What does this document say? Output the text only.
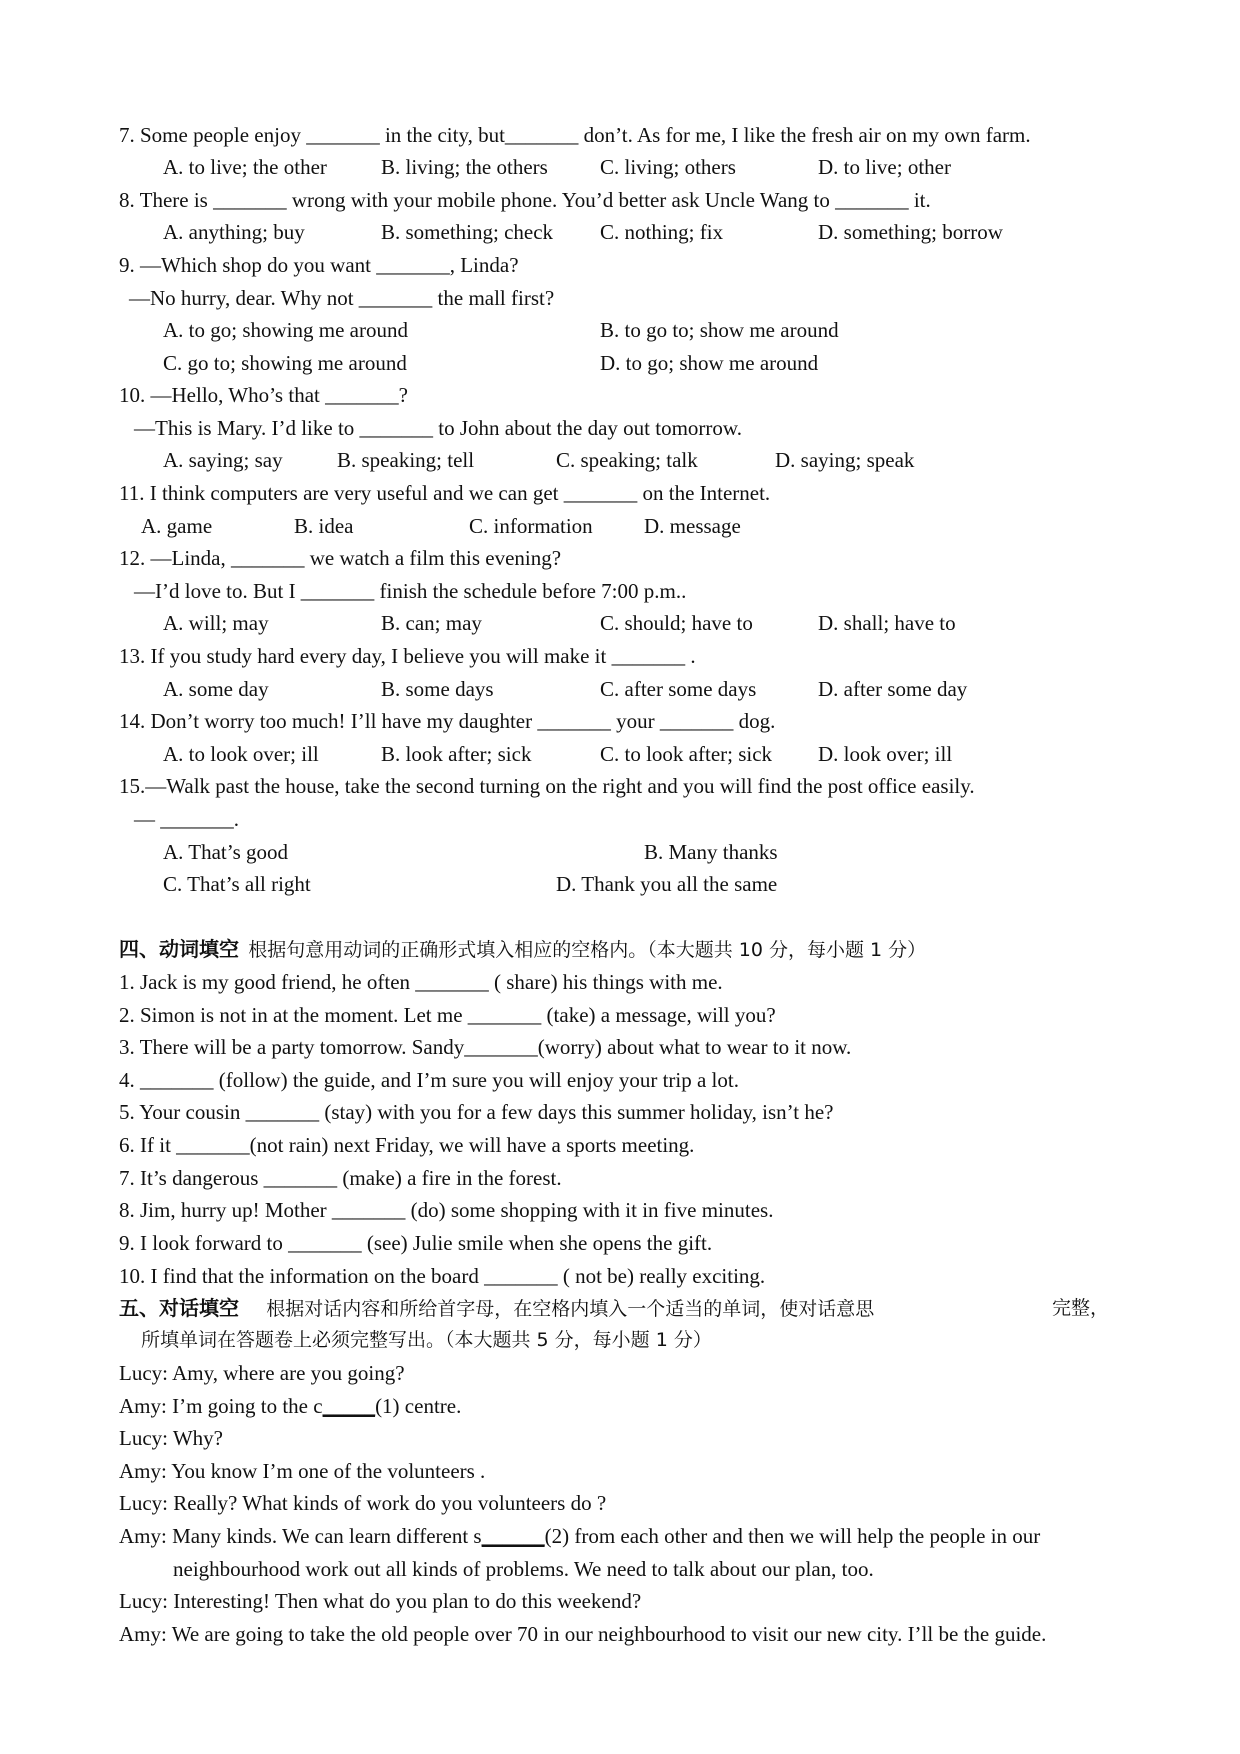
7. Some people enjoy _______ in the city, but_______ don’t. As for me, I like the fresh air on my own farm.
A. to live; the other	B. living; the others C. living; others	D. to live; other
8. There is _______ wrong with your mobile phone. You’d better ask Uncle Wang to _______ it.
A. anything; buy	B. something; check C. nothing; fix	D. something; borrow
9. —Which shop do you want _______, Linda?
—No hurry, dear. Why not _______ the mall first?
A. to go; showing me around	B. to go to; show me around
C. go to; showing me around	D. to go; show me around
10. —Hello, Who’s that _______?
—This is Mary. I’d like to _______ to John about the day out tomorrow.
A. saying; say	B. speaking; tell	C. speaking; talk	D. saying; speak
11. I think computers are very useful and we can get _______ on the Internet.
A. game	B. idea	C. information D. message
12. —Linda, _______ we watch a film this evening?
—I’d love to. But I _______ finish the schedule before 7:00 p.m..
A. will; may	B. can; may	C. should; have to	D. shall; have to
13. If you study hard every day, I believe you will make it _______ .
A. some day	B. some days	C. after some days	D. after some day
14. Don’t worry too much! I’ll have my daughter _______ your _______ dog.
A. to look over; ill	B. look after; sick	C. to look after; sick D. look over; ill
15.—Walk past the house, take the second turning on the right and you will find the post office easily.
— _______.
A. That’s good	B. Many thanks
C. That’s all right	D. Thank you all the same
四、动词填空 根据句意用动词的正确形式填入相应的空格内。（本大题共 10 分，每小题 1 分）
1. Jack is my good friend, he often _______ ( share) his things with me.
2. Simon is not in at the moment. Let me _______ (take) a message, will you?
3. There will be a party tomorrow. Sandy_______(worry) about what to wear to it now.
4. _______ (follow) the guide, and I’m sure you will enjoy your trip a lot.
5. Your cousin _______ (stay) with you for a few days this summer holiday, isn’t he?
6. If it _______(not rain) next Friday, we will have a sports meeting.
7. It’s dangerous _______ (make) a fire in the forest.
8. Jim, hurry up! Mother _______ (do) some shopping with it in five minutes.
9. I look forward to _______ (see) Julie smile when she opens the gift.
10. I find that the information on the board _______ ( not be) really exciting.
五、对话填空 根据对话内容和所给首字母，在空格内填入一个适当的单词，使对话意思	完整，
所填单词在答题卷上必须完整写出。（本大题共 5 分，每小题 1 分）
Lucy: Amy, where are you going?
Amy: I’m going to the c_____(1) centre.
Lucy: Why?
Amy: You know I’m one of the volunteers .
Lucy: Really? What kinds of work do you volunteers do ?
Amy: Many kinds. We can learn different s______(2) from each other and then we will help the people in our
neighbourhood work out all kinds of problems. We need to talk about our plan, too.
Lucy: Interesting! Then what do you plan to do this weekend?
Amy: We are going to take the old people over 70 in our neighbourhood to visit our new city. I’ll be the guide.
